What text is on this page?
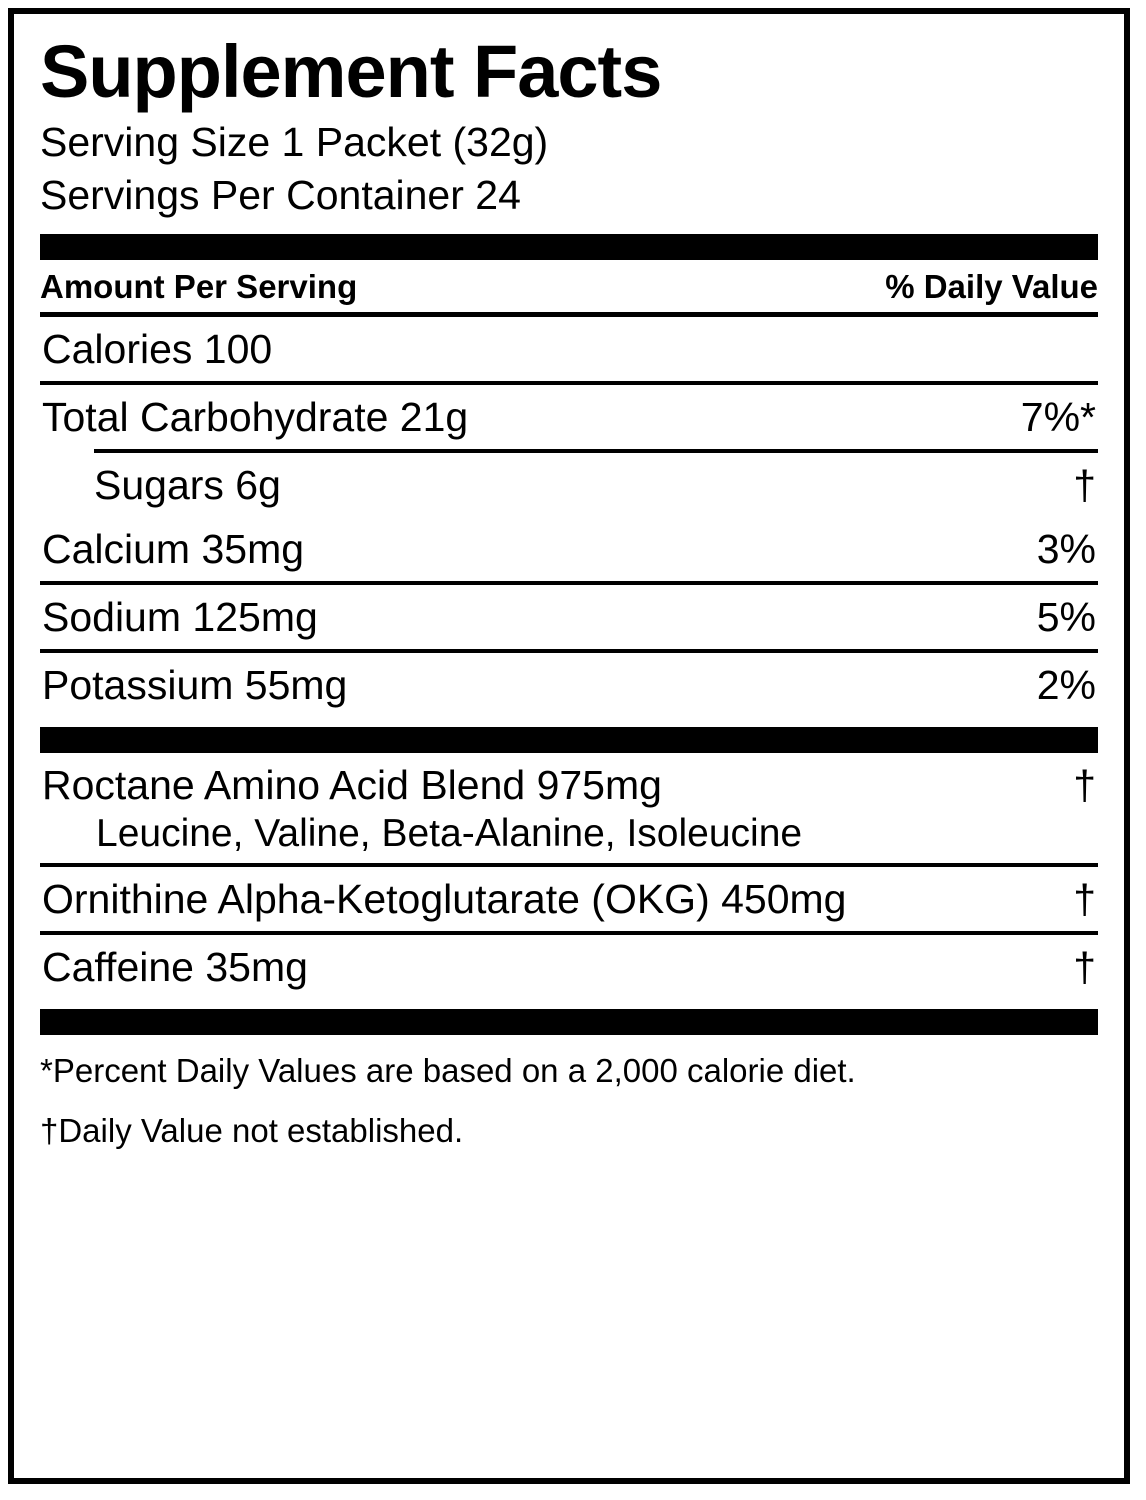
Supplement Facts
Serving Size 1 Packet (32g)
Servings Per Container 24
Amount Per Serving	% Daily Value
Calories 100
Total Carbohydrate 21g	7%*
Sugars 6g	†
Calcium 35mg	3%
Sodium 125mg	5%
Potassium 55mg	2%
Roctane Amino Acid Blend 975mg	†
Leucine, Valine, Beta-Alanine, Isoleucine
Ornithine Alpha-Ketoglutarate (OKG) 450mg	†
Caffeine 35mg	†
*Percent Daily Values are based on a 2,000 calorie diet.
†Daily Value not established.
